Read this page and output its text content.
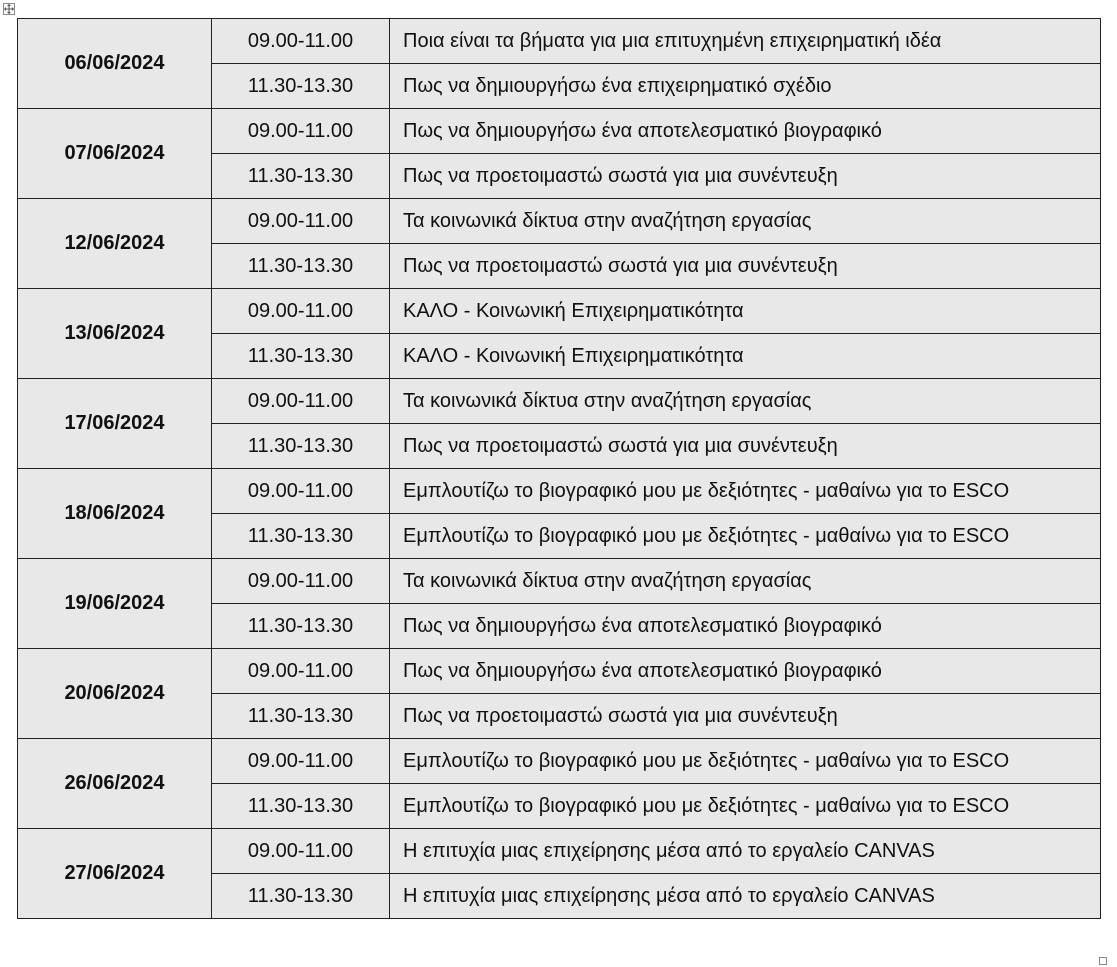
06/06/2024	09.00-11.00	Ποια είναι τα βήματα για μια επιτυχημένη επιχειρηματική ιδέα
	11.30-13.30	Πως να δημιουργήσω ένα επιχειρηματικό σχέδιο
07/06/2024	09.00-11.00	Πως να δημιουργήσω ένα αποτελεσματικό βιογραφικό
	11.30-13.30	Πως να προετοιμαστώ σωστά για μια συνέντευξη
12/06/2024	09.00-11.00	Τα κοινωνικά δίκτυα στην αναζήτηση εργασίας
	11.30-13.30	Πως να προετοιμαστώ σωστά για μια συνέντευξη
13/06/2024	09.00-11.00	ΚΑΛΟ - Κοινωνική Επιχειρηματικότητα
	11.30-13.30	ΚΑΛΟ - Κοινωνική Επιχειρηματικότητα
17/06/2024	09.00-11.00	Τα κοινωνικά δίκτυα στην αναζήτηση εργασίας
	11.30-13.30	Πως να προετοιμαστώ σωστά για μια συνέντευξη
18/06/2024	09.00-11.00	Εμπλουτίζω το βιογραφικό μου με δεξιότητες - μαθαίνω για το ESCO
	11.30-13.30	Εμπλουτίζω το βιογραφικό μου με δεξιότητες - μαθαίνω για το ESCO
19/06/2024	09.00-11.00	Τα κοινωνικά δίκτυα στην αναζήτηση εργασίας
	11.30-13.30	Πως να δημιουργήσω ένα αποτελεσματικό βιογραφικό
20/06/2024	09.00-11.00	Πως να δημιουργήσω ένα αποτελεσματικό βιογραφικό
	11.30-13.30	Πως να προετοιμαστώ σωστά για μια συνέντευξη
26/06/2024	09.00-11.00	Εμπλουτίζω το βιογραφικό μου με δεξιότητες - μαθαίνω για το ESCO
	11.30-13.30	Εμπλουτίζω το βιογραφικό μου με δεξιότητες - μαθαίνω για το ESCO
27/06/2024	09.00-11.00	Η επιτυχία μιας επιχείρησης μέσα από το εργαλείο CANVAS
	11.30-13.30	Η επιτυχία μιας επιχείρησης μέσα από το εργαλείο CANVAS
